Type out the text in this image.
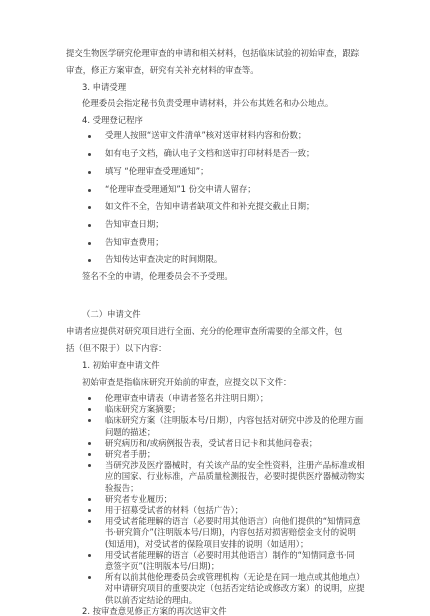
提交生物医学研究伦理审查的申请和相关材料，包括临床试验的初始审查，跟踪
审查，修正方案审查，研究有关补充材料的审查等。
3. 申请受理
伦理委员会指定秘书负责受理申请材料，并公布其姓名和办公地点。
4. 受理登记程序
受理人按照“送审文件清单”核对送审材料内容和份数；
如有电子文档，确认电子文档和送审打印材料是否一致；
填写 “伦理审查受理通知”；
“伦理审查受理通知”1 份交申请人留存；
如文件不全，告知申请者缺项文件和补充提交截止日期；
告知审查日期；
告知审查费用；
告知传达审查决定的时间期限。
签名不全的申请，伦理委员会不予受理。
（二）申请文件
申请者应提供对研究项目进行全面、充分的伦理审查所需要的全部文件，包
括（但不限于）以下内容：
1. 初始审查申请文件
初始审查是指临床研究开始前的审查，应提交以下文件：
伦理审查申请表（申请者签名并注明日期）；
临床研究方案摘要；
临床研究方案（注明版本号/日期），内容包括对研究中涉及的伦理方面
问题的描述；
研究病历和/或病例报告表，受试者日记卡和其他问卷表；
研究者手册；
当研究涉及医疗器械时，有关该产品的安全性资料，注册产品标准或相
应的国家、行业标准，产品质量检测报告，必要时提供医疗器械动物实
验报告；
研究者专业履历；
用于招募受试者的材料（包括广告）；
用受试者能理解的语言（必要时用其他语言）向他们提供的“知情同意
书·研究简介”(注明版本号/日期)，内容包括对损害赔偿金支付的说明
(知适用)，对受试者的保险项目安排的说明（如适用）；
用受试者能理解的语言（必要时用其他语言）制作的“知情同意书·同
意签字页”(注明版本号/日期)；
所有以前其他伦理委员会或管理机构（无论是在同一地点或其他地点）
对申请研究项目的重要决定（包括否定结论或修改方案）的说明，应提
供以前否定结论的理由。
2. 按审查意见修正方案的再次送审文件
